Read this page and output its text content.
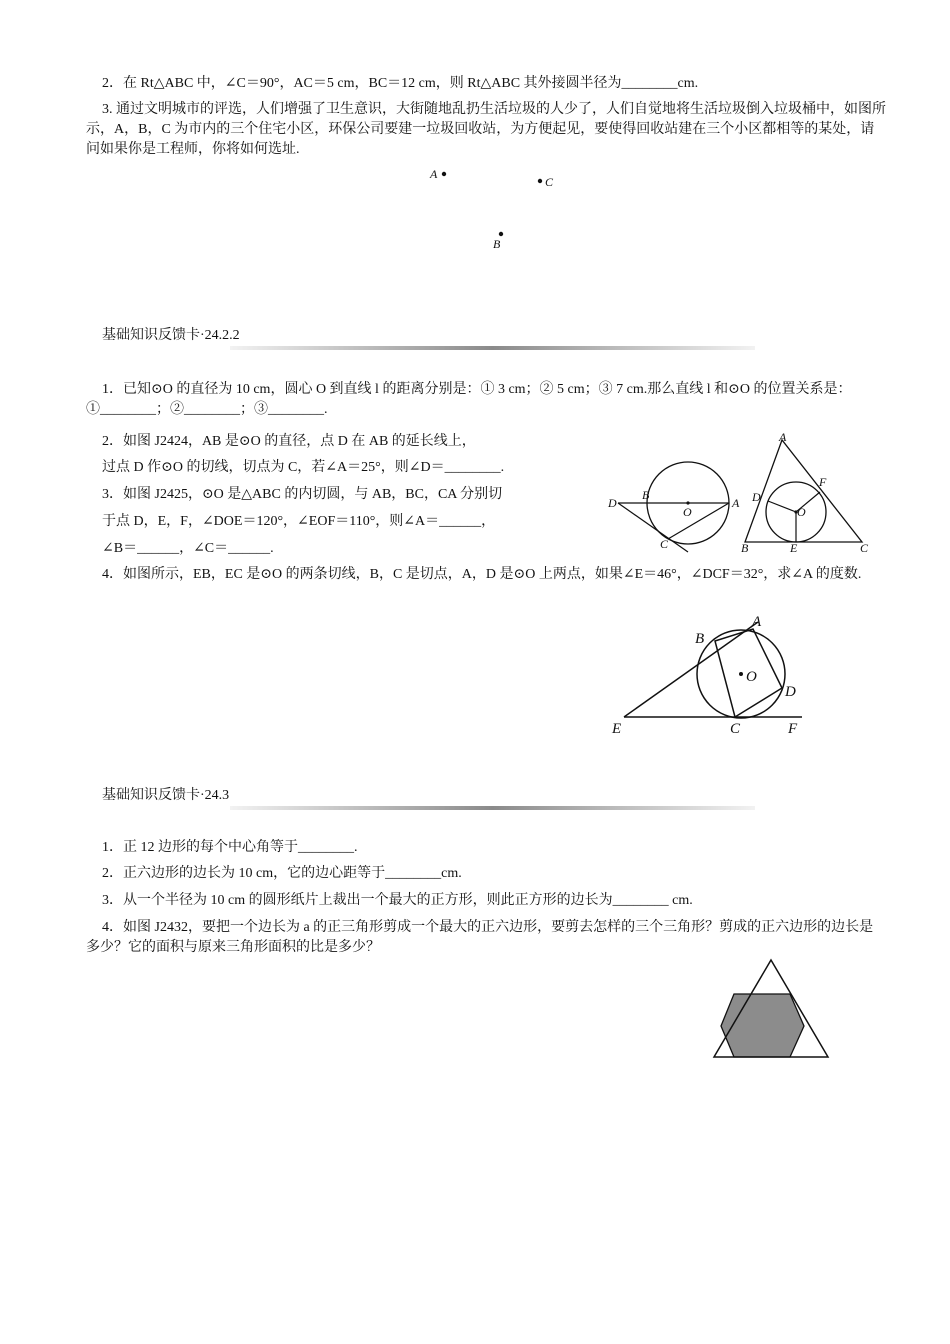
2．在 Rt△ABC 中，∠C＝90°，AC＝5 cm，BC＝12 cm，则 Rt△ABC 其外接圆半径为________cm.
3. 通过文明城市的评选，人们增强了卫生意识，大街随地乱扔生活垃圾的人少了，人们自觉地将生活垃圾倒入垃圾桶中，如图所示，A，B，C 为市内的三个住宅小区，环保公司要建一垃圾回收站，为方便起见，要使得回收站建在三个小区都相等的某处，请问如果你是工程师，你将如何选址.
A
C
B
基础知识反馈卡·24.2.2
1．已知⊙O 的直径为 10 cm，圆心 O 到直线 l 的距离分别是：① 3 cm；② 5 cm；③ 7 cm.那么直线 l 和⊙O 的位置关系是：①________；②________；③________.
2．如图 J2424，AB 是⊙O 的直径，点 D 在 AB 的延长线上，
过点 D 作⊙O 的切线，切点为 C，若∠A＝25°，则∠D＝________.
3．如图 J2425，⊙O 是△ABC 的内切圆，与 AB，BC，CA 分别切
于点 D，E，F，∠DOE＝120°，∠EOF＝110°，则∠A＝______，
∠B＝______，∠C＝______.
D
B
O
A
C
A
D
F
O
B	E	C
4．如图所示，EB，EC 是⊙O 的两条切线，B，C 是切点，A，D 是⊙O 上两点，如果∠E＝46°，∠DCF＝32°，求∠A 的度数.
B
A
O
D
E	C	F
基础知识反馈卡·24.3
1．正 12 边形的每个中心角等于________.
2．正六边形的边长为 10 cm，它的边心距等于________cm.
3．从一个半径为 10 cm 的圆形纸片上裁出一个最大的正方形，则此正方形的边长为________ cm.
4．如图 J2432，要把一个边长为 a 的正三角形剪成一个最大的正六边形，要剪去怎样的三个三角形？剪成的正六边形的边长是多少？它的面积与原来三角形面积的比是多少？
